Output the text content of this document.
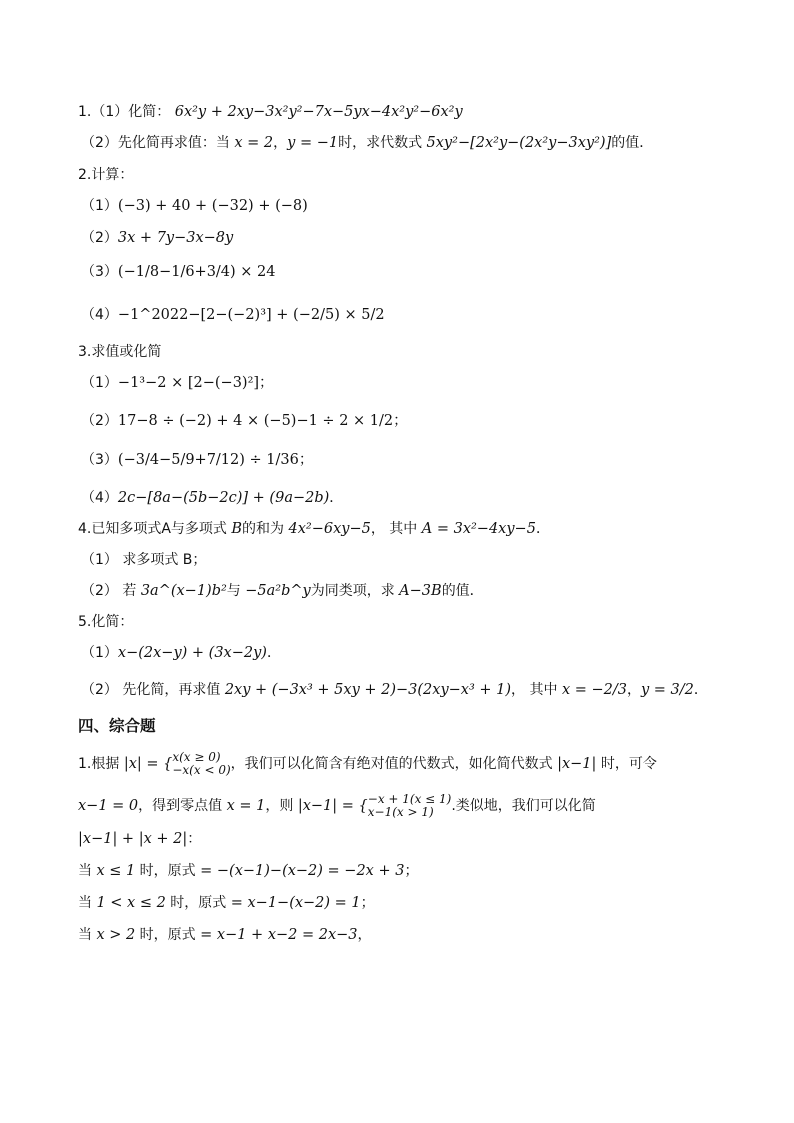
1.（1）化简： 6x²y + 2xy−3x²y²−7x−5yx−4x²y²−6x²y
（2）先化简再求值：当 x = 2，y = −1时，求代数式 5xy²−[2x²y−(2x²y−3xy²)]的值．
2.计算：
（1）(−3) + 40 + (−32) + (−8)
（2）3x + 7y−3x−8y
（3）(−1/8−1/6+3/4) × 24
（4）−1^2022−[2−(−2)³] + (−2/5) × 5/2
3.求值或化简
（1）−1³−2 × [2−(−3)²]；
（2）17−8 ÷ (−2) + 4 × (−5)−1 ÷ 2 × 1/2；
（3）(−3/4−5/9+7/12) ÷ 1/36；
（4）2c−[8a−(5b−2c)] + (9a−2b)．
4.已知多项式A与多项式 B的和为 4x²−6xy−5， 其中 A = 3x²−4xy−5．
（1） 求多项式 B；
（2） 若 3a^(x−1)b²与 −5a²b^y为同类项，求 A−3B的值．
5.化简：
（1）x−(2x−y) + (3x−2y)．
（2） 先化简，再求值 2xy + (−3x³ + 5xy + 2)−3(2xy−x³ + 1)， 其中 x = −2/3，y = 3/2．
四、综合题
1.根据 |x| = { x(x ≥ 0)
−x(x < 0) ，我们可以化简含有绝对值的代数式，如化简代数式 |x−1| 时，可令
x−1 = 0，得到零点值 x = 1，则 |x−1| = { −x + 1(x ≤ 1)
x−1(x > 1)	.类似地，我们可以化简
|x−1| + |x + 2|：
当 x ≤ 1 时，原式 = −(x−1)−(x−2) = −2x + 3；
当 1 < x ≤ 2 时，原式 = x−1−(x−2) = 1；
当 x > 2 时，原式 = x−1 + x−2 = 2x−3，
